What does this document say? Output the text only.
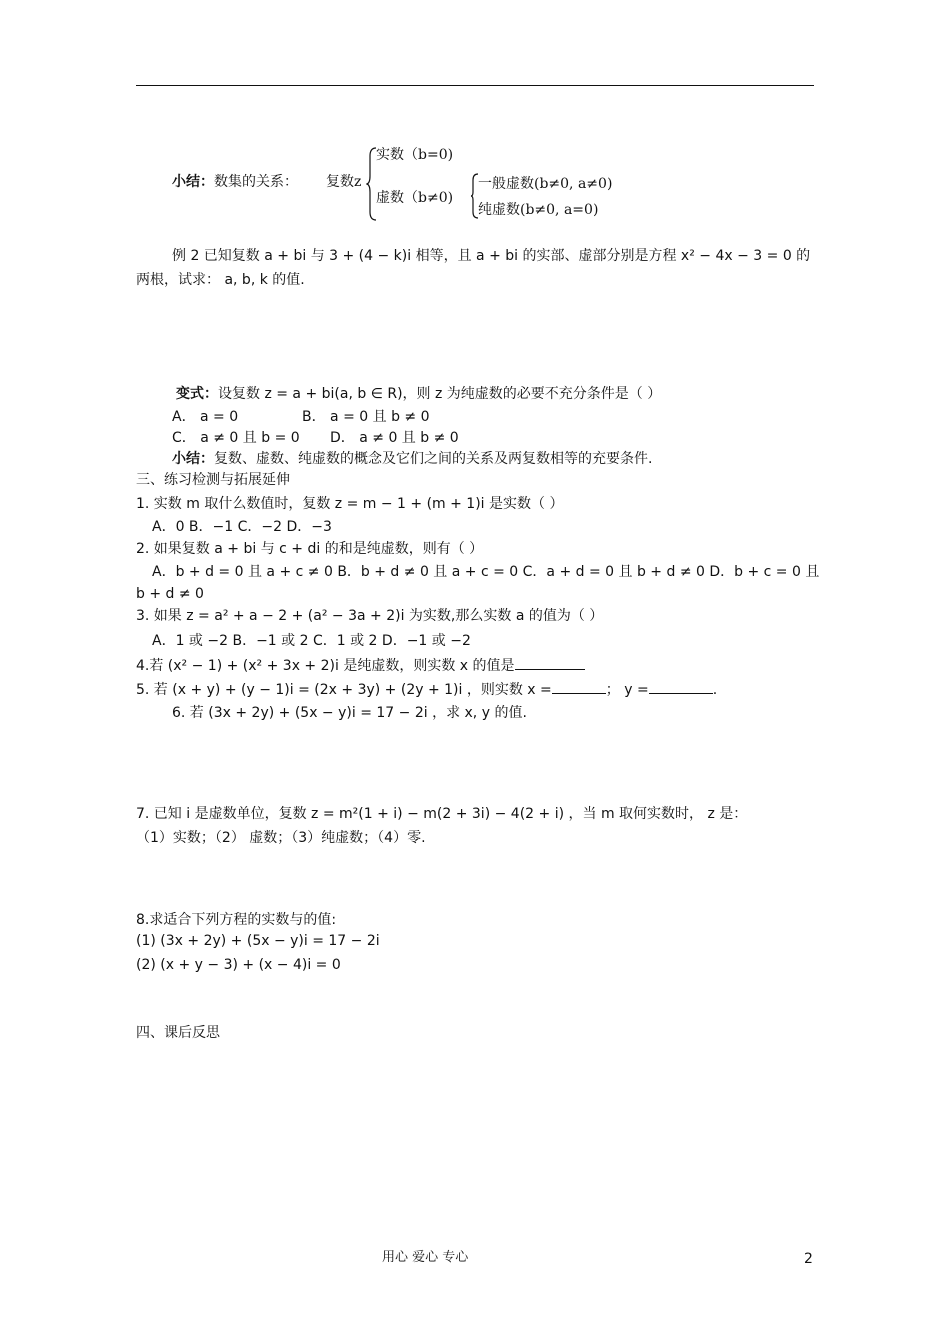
小结：数集的关系： 复数z
实数（b=0)
虚数（b≠0)
一般虚数(b≠0, a≠0)
纯虚数(b≠0, a=0)
例 2 已知复数 a + bi 与 3 + (4 − k)i 相等，且 a + bi 的实部、虚部分别是方程 x² − 4x − 3 = 0 的
两根，试求： a, b, k 的值.
变式：设复数 z = a + bi(a, b ∈ R)，则 z 为纯虚数的必要不充分条件是（ ）
A． a = 0	B． a = 0 且 b ≠ 0
C． a ≠ 0 且 b = 0 D． a ≠ 0 且 b ≠ 0
小结：复数、虚数、纯虚数的概念及它们之间的关系及两复数相等的充要条件.
三、练习检测与拓展延伸
1. 实数 m 取什么数值时，复数 z = m − 1 + (m + 1)i 是实数（ ）
A．0 B．−1 C．−2 D．−3
2. 如果复数 a + bi 与 c + di 的和是纯虚数，则有（ ）
A．b + d = 0 且 a + c ≠ 0 B．b + d ≠ 0 且 a + c = 0 C．a + d = 0 且 b + d ≠ 0 D．b + c = 0 且
b + d ≠ 0
3. 如果 z = a² + a − 2 + (a² − 3a + 2)i 为实数,那么实数 a 的值为（ ）
A．1 或 −2 B．−1 或 2 C．1 或 2 D．−1 或 −2
4.若 (x² − 1) + (x² + 3x + 2)i 是纯虚数，则实数 x 的值是
5. 若 (x + y) + (y − 1)i = (2x + 3y) + (2y + 1)i ，则实数 x =	； y =	.
6. 若 (3x + 2y) + (5x − y)i = 17 − 2i ，求 x, y 的值.
7. 已知 i 是虚数单位，复数 z = m²(1 + i) − m(2 + 3i) − 4(2 + i) ，当 m 取何实数时， z 是：
（1）实数；（2） 虚数；（3）纯虚数；（4）零.
8.求适合下列方程的实数与的值:
(1) (3x + 2y) + (5x − y)i = 17 − 2i
(2) (x + y − 3) + (x − 4)i = 0
四、课后反思
用心 爱心 专心	2
